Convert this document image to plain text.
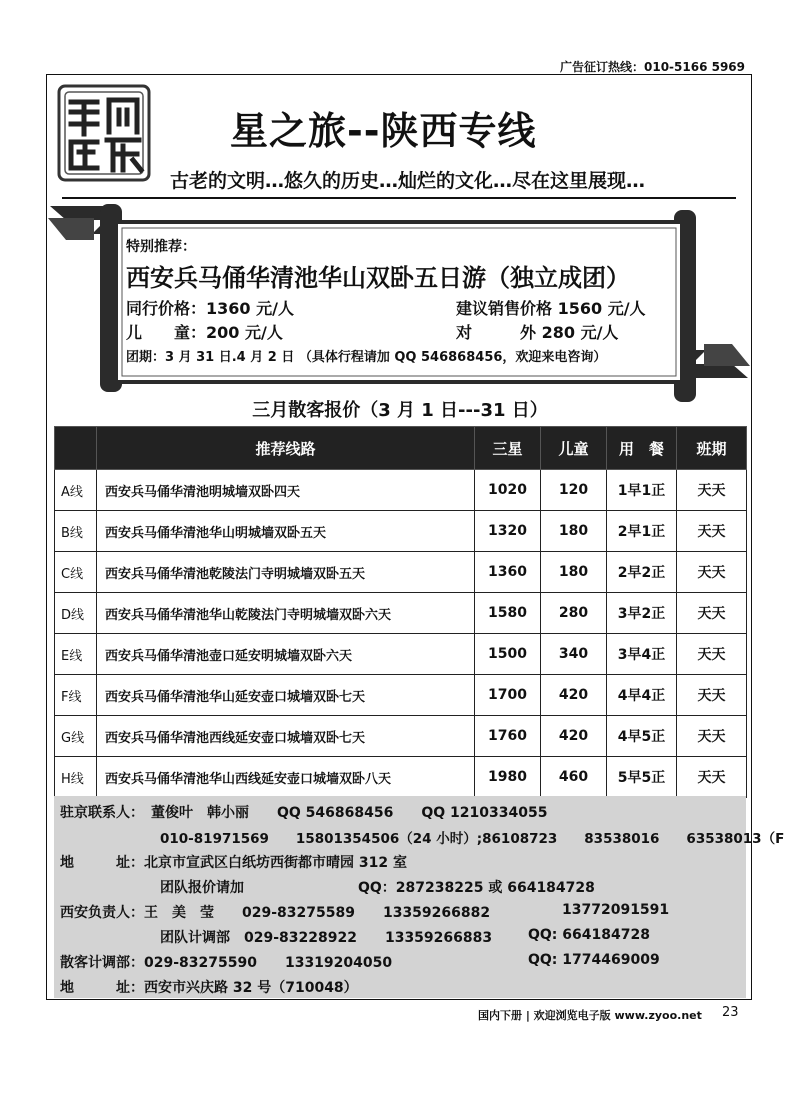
广告征订热线：010-5166 5969
星之旅--陕西专线
古老的文明…悠久的历史…灿烂的文化…尽在这里展现…
特别推荐：
西安兵马俑华清池华山双卧五日游（独立成团）
同行价格：1360 元/人	建议销售价格 1560 元/人
儿　　童：200 元/人	对　　　外 280 元/人
团期：3 月 31 日.4 月 2 日 （具体行程请加 QQ 546868456，欢迎来电咨询）
三月散客报价（3 月 1 日---31 日）
	推荐线路	三星	儿童	用　餐	班期
A线	西安兵马俑华清池明城墙双卧四天	1020	120	1早1正	天天
B线	西安兵马俑华清池华山明城墙双卧五天	1320	180	2早1正	天天
C线	西安兵马俑华清池乾陵法门寺明城墙双卧五天	1360	180	2早2正	天天
D线	西安兵马俑华清池华山乾陵法门寺明城墙双卧六天	1580	280	3早2正	天天
E线	西安兵马俑华清池壶口延安明城墙双卧六天	1500	340	3早4正	天天
F线	西安兵马俑华清池华山延安壶口城墙双卧七天	1700	420	4早4正	天天
G线	西安兵马俑华清池西线延安壶口城墙双卧七天	1760	420	4早5正	天天
H线	西安兵马俑华清池华山西线延安壶口城墙双卧八天	1980	460	5早5正	天天
驻京联系人：　董俊叶　韩小丽　　QQ 546868456　　QQ 1210334055
010-81971569　　15801354506（24 小时）;86108723　　83538016　　63538013（F
地　　　址：北京市宣武区白纸坊西街都市晴园 312 室
团队报价请加	QQ：287238225 或 664184728
西安负责人：王　美　莹　　029-83275589　　13359266882	13772091591
团队计调部　029-83228922　　13359266883	QQ: 664184728
散客计调部：029-83275590　　13319204050	QQ: 1774469009
地　　　址：西安市兴庆路 32 号（710048）
国内下册 | 欢迎浏览电子版 www.zyoo.net 23
